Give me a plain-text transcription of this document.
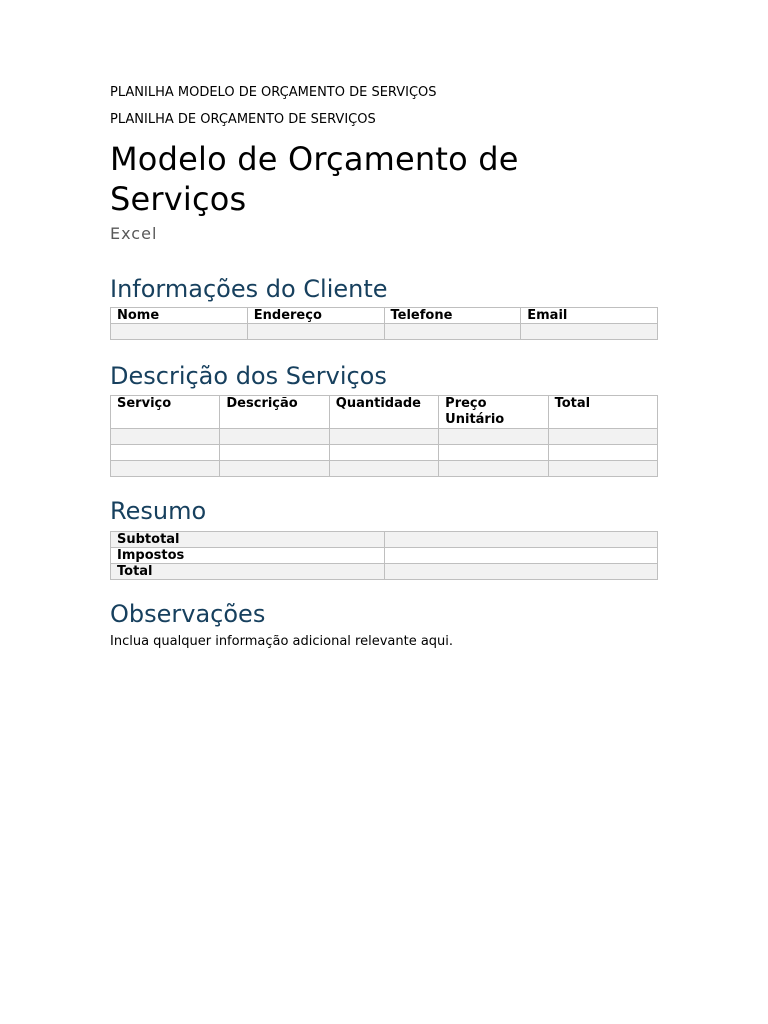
PLANILHA MODELO DE ORÇAMENTO DE SERVIÇOS

PLANILHA DE ORÇAMENTO DE SERVIÇOS

Modelo de Orçamento de Serviços

Excel

Informações do Cliente
Nome	Endereço	Telefone	Email

Descrição dos Serviços
Serviço	Descrição	Quantidade	Preço Unitário	Total

Resumo
Subtotal	
Impostos	
Total	
Observações

Inclua qualquer informação adicional relevante aqui.
